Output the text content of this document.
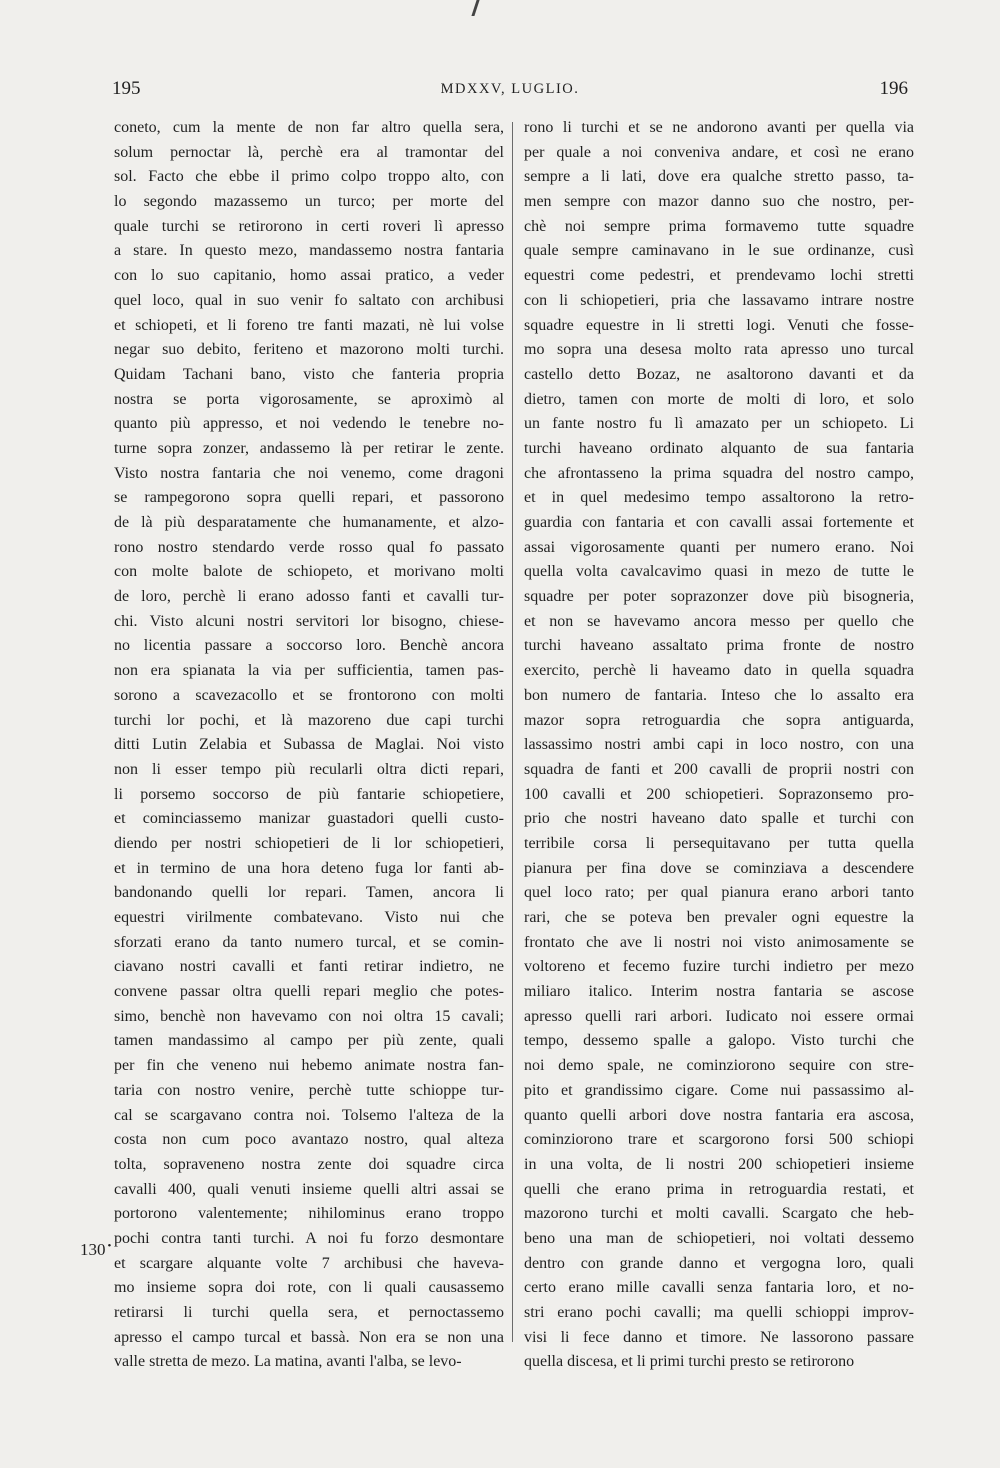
195	MDXXV, LUGLIO.	196
coneto, cum la mente de non far altro quella sera,
solum pernoctar là, perchè era al tramontar del
sol. Facto che ebbe il primo colpo troppo alto, con
lo segondo mazassemo un turco; per morte del
quale turchi se retirorono in certi roveri lì apresso
a stare. In questo mezo, mandassemo nostra fantaria
con lo suo capitanio, homo assai pratico, a veder
quel loco, qual in suo venir fo saltato con archibusi
et schiopeti, et li foreno tre fanti mazati, nè lui volse
negar suo debito, feriteno et mazorono molti turchi.
Quidam Tachani bano, visto che fanteria propria
nostra se porta vigorosamente, se aproximò al
quanto più appresso, et noi vedendo le tenebre no-
turne sopra zonzer, andassemo là per retirar le zente.
Visto nostra fantaria che noi venemo, come dragoni
se rampegorono sopra quelli repari, et passorono
de là più desparatamente che humanamente, et alzo-
rono nostro stendardo verde rosso qual fo passato
con molte balote de schiopeto, et morivano molti
de loro, perchè li erano adosso fanti et cavalli tur-
chi. Visto alcuni nostri servitori lor bisogno, chiese-
no licentia passare a soccorso loro. Benchè ancora
non era spianata la via per sufficientia, tamen pas-
sorono a scavezacollo et se frontorono con molti
turchi lor pochi, et là mazoreno due capi turchi
ditti Lutin Zelabia et Subassa de Maglai. Noi visto
non li esser tempo più recularli oltra dicti repari,
li porsemo soccorso de più fantarie schiopetiere,
et cominciassemo manizar guastadori quelli custo-
diendo per nostri schiopetieri de li lor schiopetieri,
et in termino de una hora deteno fuga lor fanti ab-
bandonando quelli lor repari. Tamen, ancora li
equestri virilmente combatevano. Visto nui che
sforzati erano da tanto numero turcal, et se comin-
ciavano nostri cavalli et fanti retirar indietro, ne
convene passar oltra quelli repari meglio che potes-
simo, benchè non havevamo con noi oltra 15 cavali;
tamen mandassimo al campo per più zente, quali
per fin che veneno nui hebemo animate nostra fan-
taria con nostro venire, perchè tutte schioppe tur-
cal se scargavano contra noi. Tolsemo l'alteza de la
costa non cum poco avantazo nostro, qual alteza
tolta, sopraveneno nostra zente doi squadre circa
cavalli 400, quali venuti insieme quelli altri assai se
portorono valentemente; nihilominus erano troppo
pochi contra tanti turchi. A noi fu forzo desmontare
et scargare alquante volte 7 archibusi che haveva-
mo insieme sopra doi rote, con li quali causassemo
retirarsi li turchi quella sera, et pernoctassemo
apresso el campo turcal et bassà. Non era se non una
valle stretta de mezo. La matina, avanti l'alba, se levo-
rono li turchi et se ne andorono avanti per quella via
per quale a noi conveniva andare, et così ne erano
sempre a li lati, dove era qualche stretto passo, ta-
men sempre con mazor danno suo che nostro, per-
chè noi sempre prima formavemo tutte squadre
quale sempre caminavano in le sue ordinanze, cusì
equestri come pedestri, et prendevamo lochi stretti
con li schiopetieri, pria che lassavamo intrare nostre
squadre equestre in li stretti logi. Venuti che fosse-
mo sopra una desesa molto rata apresso uno turcal
castello detto Bozaz, ne asaltorono davanti et da
dietro, tamen con morte de molti di loro, et solo
un fante nostro fu lì amazato per un schiopeto. Li
turchi haveano ordinato alquanto de sua fantaria
che afrontasseno la prima squadra del nostro campo,
et in quel medesimo tempo assaltorono la retro-
guardia con fantaria et con cavalli assai fortemente et
assai vigorosamente quanti per numero erano. Noi
quella volta cavalcavimo quasi in mezo de tutte le
squadre per poter soprazonzer dove più bisogneria,
et non se havevamo ancora messo per quello che
turchi haveano assaltato prima fronte de nostro
exercito, perchè li haveamo dato in quella squadra
bon numero de fantaria. Inteso che lo assalto era
mazor sopra retroguardia che sopra antiguarda,
lassassimo nostri ambi capi in loco nostro, con una
squadra de fanti et 200 cavalli de proprii nostri con
100 cavalli et 200 schiopetieri. Soprazonsemo pro-
prio che nostri haveano dato spalle et turchi con
terribile corsa li persequitavano per tutta quella
pianura per fina dove se cominziava a descendere
quel loco rato; per qual pianura erano arbori tanto
rari, che se poteva ben prevaler ogni equestre la
frontato che ave li nostri noi visto animosamente se
voltoreno et fecemo fuzire turchi indietro per mezo
miliaro italico. Interim nostra fantaria se ascose
apresso quelli rari arbori. Iudicato noi essere ormai
tempo, dessemo spalle a galopo. Visto turchi che
noi demo spale, ne cominziorono sequire con stre-
pito et grandissimo cigare. Come nui passassimo al-
quanto quelli arbori dove nostra fantaria era ascosa,
cominziorono trare et scargorono forsi 500 schiopi
in una volta, de li nostri 200 schiopetieri insieme
quelli che erano prima in retroguardia restati, et
mazorono turchi et molti cavalli. Scargato che heb-
beno una man de schiopetieri, noi voltati dessemo
dentro con grande danno et vergogna loro, quali
certo erano mille cavalli senza fantaria loro, et no-
stri erano pochi cavalli; ma quelli schioppi improv-
visi li fece danno et timore. Ne lassorono passare
quella discesa, et li primi turchi presto se retirorono
130 •
